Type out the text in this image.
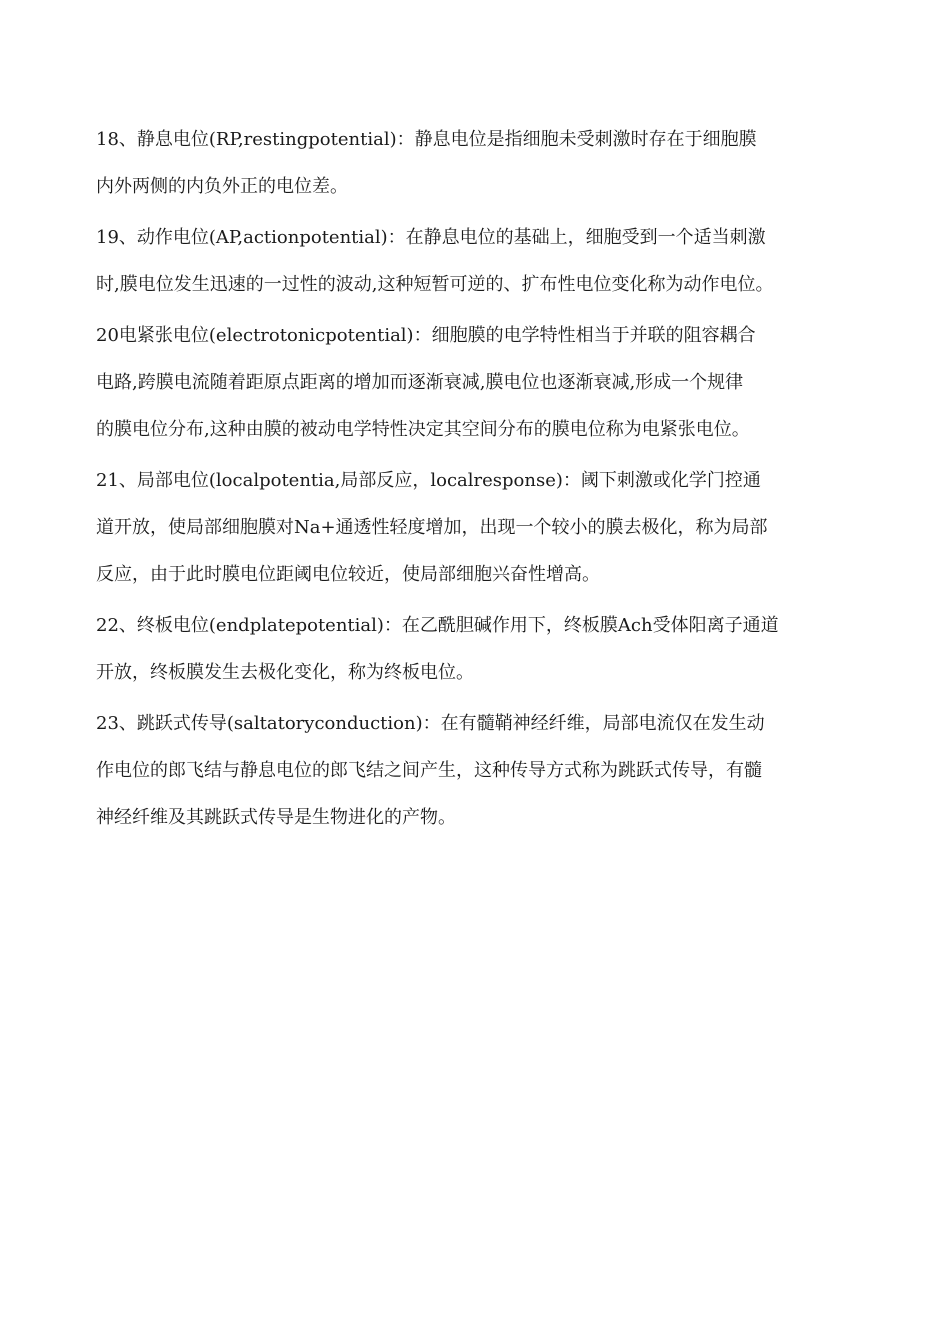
18、静息电位(RP,restingpotential)：静息电位是指细胞未受刺激时存在于细胞膜
内外两侧的内负外正的电位差。
19、动作电位(AP,actionpotential)：在静息电位的基础上，细胞受到一个适当刺激
时,膜电位发生迅速的一过性的波动,这种短暂可逆的、扩布性电位变化称为动作电位。
20电紧张电位(electrotonicpotential)：细胞膜的电学特性相当于并联的阻容耦合
电路,跨膜电流随着距原点距离的增加而逐渐衰减,膜电位也逐渐衰减,形成一个规律
的膜电位分布,这种由膜的被动电学特性决定其空间分布的膜电位称为电紧张电位。
21、局部电位(localpotentia,局部反应，localresponse)：阈下刺激或化学门控通
道开放，使局部细胞膜对Na+通透性轻度增加，出现一个较小的膜去极化，称为局部
反应，由于此时膜电位距阈电位较近，使局部细胞兴奋性增高。
22、终板电位(endplatepotential)：在乙酰胆碱作用下，终板膜Ach受体阳离子通道
开放，终板膜发生去极化变化，称为终板电位。
23、跳跃式传导(saltatoryconduction)：在有髓鞘神经纤维，局部电流仅在发生动
作电位的郎飞结与静息电位的郎飞结之间产生，这种传导方式称为跳跃式传导，有髓
神经纤维及其跳跃式传导是生物进化的产物。
